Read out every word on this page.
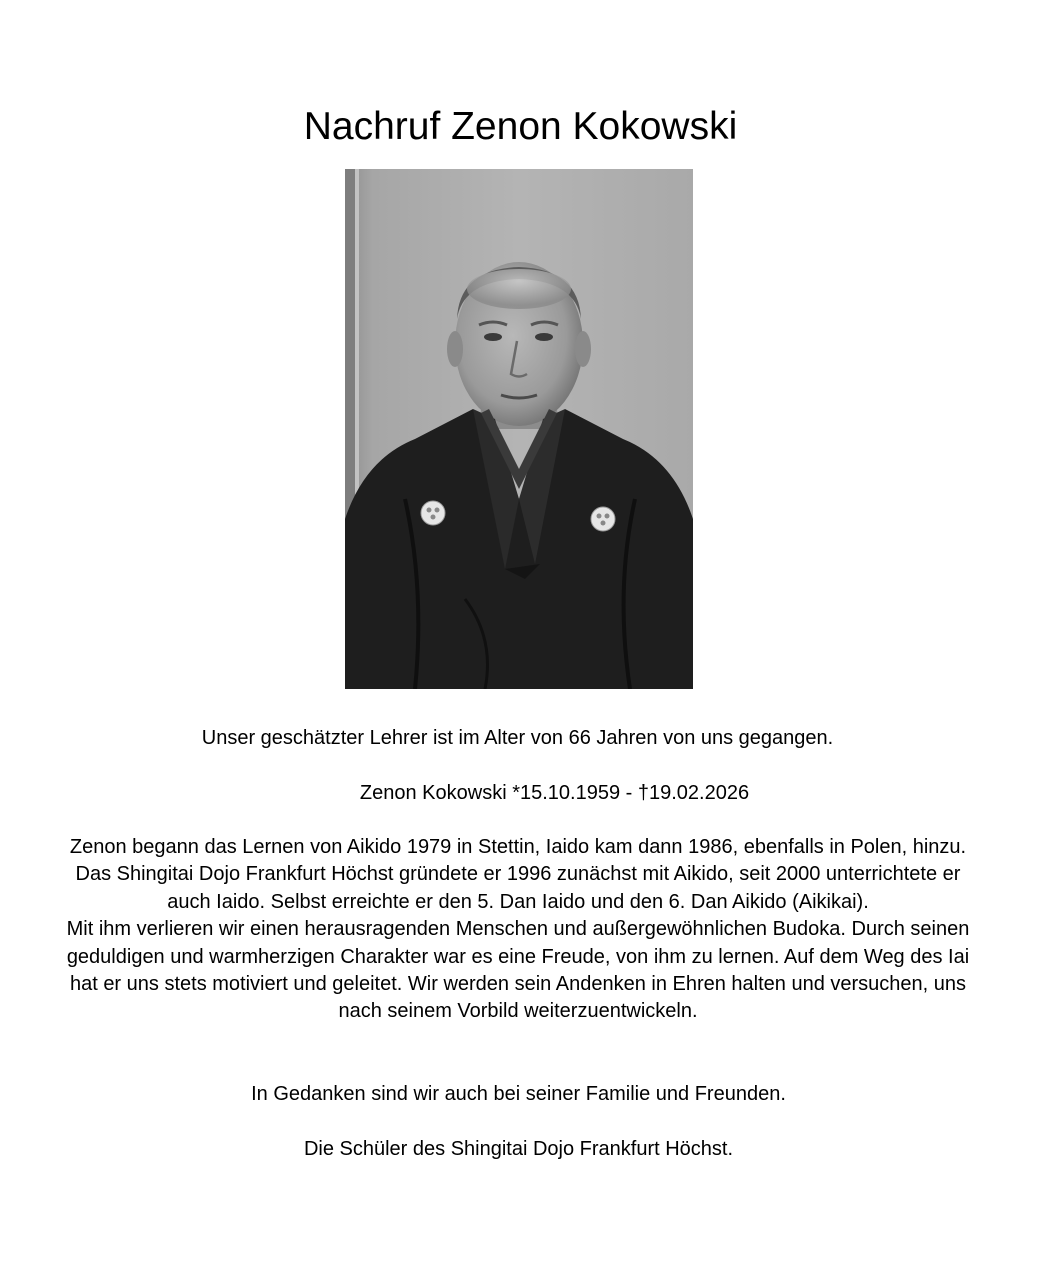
Nachruf Zenon Kokowski

Unser geschätzter Lehrer ist im Alter von 66 Jahren von uns gegangen.

Zenon Kokowski *15.10.1959 - †19.02.2026

Zenon begann das Lernen von Aikido 1979 in Stettin, Iaido kam dann 1986, ebenfalls in Polen, hinzu. Das Shingitai Dojo Frankfurt Höchst gründete er 1996 zunächst mit Aikido, seit 2000 unterrichtete er auch Iaido. Selbst erreichte er den 5. Dan Iaido und den 6. Dan Aikido (Aikikai).
Mit ihm verlieren wir einen herausragenden Menschen und außergewöhnlichen Budoka. Durch seinen geduldigen und warmherzigen Charakter war es eine Freude, von ihm zu lernen. Auf dem Weg des Iai hat er uns stets motiviert und geleitet. Wir werden sein Andenken in Ehren halten und versuchen, uns nach seinem Vorbild weiterzuentwickeln.

In Gedanken sind wir auch bei seiner Familie und Freunden.

Die Schüler des Shingitai Dojo Frankfurt Höchst.
